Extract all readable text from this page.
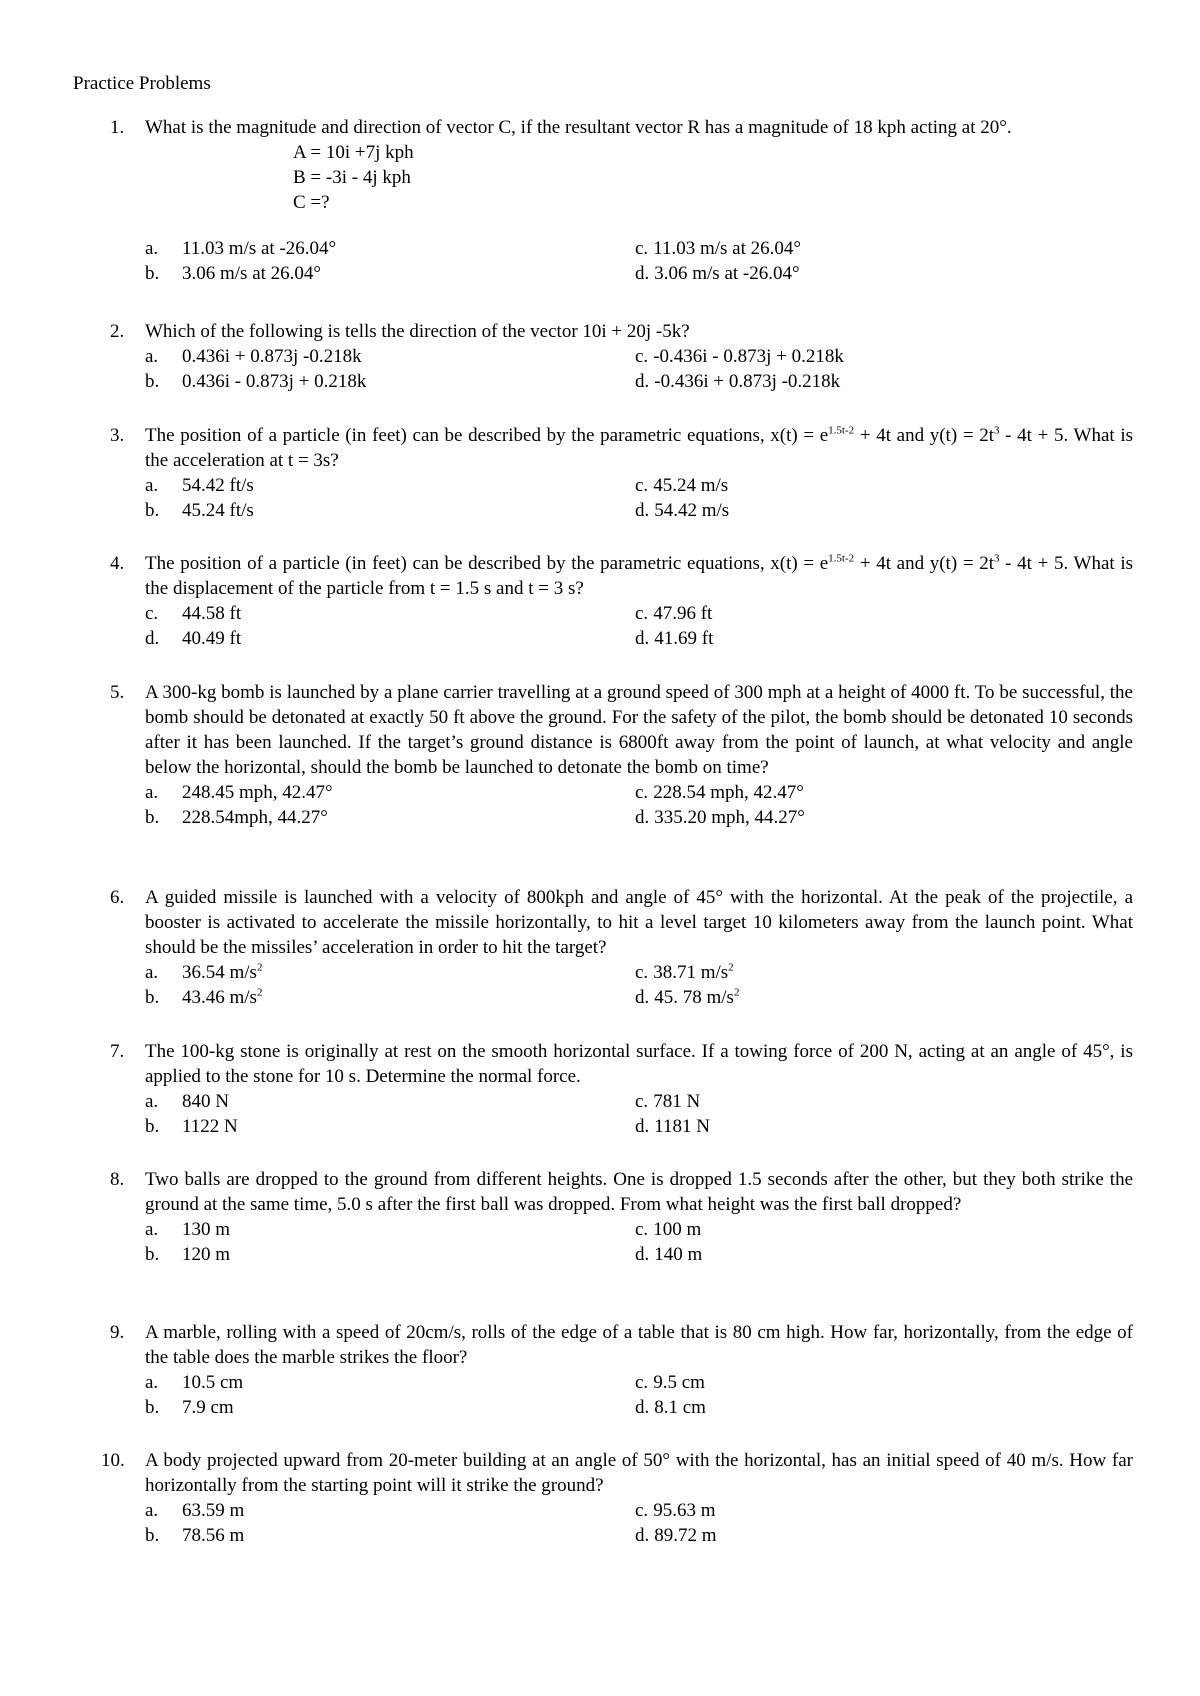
Practice Problems
1.	What is the magnitude and direction of vector C, if the resultant vector R has a magnitude of 18 kph acting at 20°.
A = 10i +7j kph
B = -3i - 4j kph
C =?
a.	11.03 m/s at -26.04°	c. 11.03 m/s at 26.04°
b.	3.06 m/s at 26.04°	d. 3.06 m/s at -26.04°
2.	Which of the following is tells the direction of the vector 10i + 20j -5k?
a.	0.436i + 0.873j -0.218k	c. -0.436i - 0.873j + 0.218k
b.	0.436i - 0.873j + 0.218k	d. -0.436i + 0.873j -0.218k
3.	The position of a particle (in feet) can be described by the parametric equations, $x(t) = e^{1.5t-2} + 4t$ and $y(t) = 2t^3 - 4t + 5$. What is the acceleration at t = 3s?
a.	54.42 ft/s	c. 45.24 m/s
b.	45.24 ft/s	d. 54.42 m/s
4.	The position of a particle (in feet) can be described by the parametric equations, $x(t) = e^{1.5t-2} + 4t$ and $y(t) = 2t^3 - 4t + 5$. What is the displacement of the particle from t = 1.5 s and t = 3 s?
c.	44.58 ft	c. 47.96 ft
d.	40.49 ft	d. 41.69 ft
5.	A 300-kg bomb is launched by a plane carrier travelling at a ground speed of 300 mph at a height of 4000 ft. To be successful, the bomb should be detonated at exactly 50 ft above the ground. For the safety of the pilot, the bomb should be detonated 10 seconds after it has been launched. If the target’s ground distance is 6800ft away from the point of launch, at what velocity and angle below the horizontal, should the bomb be launched to detonate the bomb on time?
a.	248.45 mph, 42.47°	c. 228.54 mph, 42.47°
b.	228.54mph, 44.27°	d. 335.20 mph, 44.27°
6.	A guided missile is launched with a velocity of 800kph and angle of 45° with the horizontal. At the peak of the projectile, a booster is activated to accelerate the missile horizontally, to hit a level target 10 kilometers away from the launch point. What should be the missiles’ acceleration in order to hit the target?
a.	36.54 $m/s^2$	c. 38.71 $m/s^2$
b.	43.46 $m/s^2$	d. 45. 78 $m/s^2$
7.	The 100-kg stone is originally at rest on the smooth horizontal surface. If a towing force of 200 N, acting at an angle of 45°, is applied to the stone for 10 s. Determine the normal force.
a.	840 N	c. 781 N
b.	1122 N	d. 1181 N
8.	Two balls are dropped to the ground from different heights. One is dropped 1.5 seconds after the other, but they both strike the ground at the same time, 5.0 s after the first ball was dropped. From what height was the first ball dropped?
a.	130 m	c. 100 m
b.	120 m	d. 140 m
9.	A marble, rolling with a speed of 20cm/s, rolls of the edge of a table that is 80 cm high. How far, horizontally, from the edge of the table does the marble strikes the floor?
a.	10.5 cm	c. 9.5 cm
b.	7.9 cm	d. 8.1 cm
10.	A body projected upward from 20-meter building at an angle of 50° with the horizontal, has an initial speed of 40 m/s. How far horizontally from the starting point will it strike the ground?
a.	63.59 m	c. 95.63 m
b.	78.56 m	d. 89.72 m
